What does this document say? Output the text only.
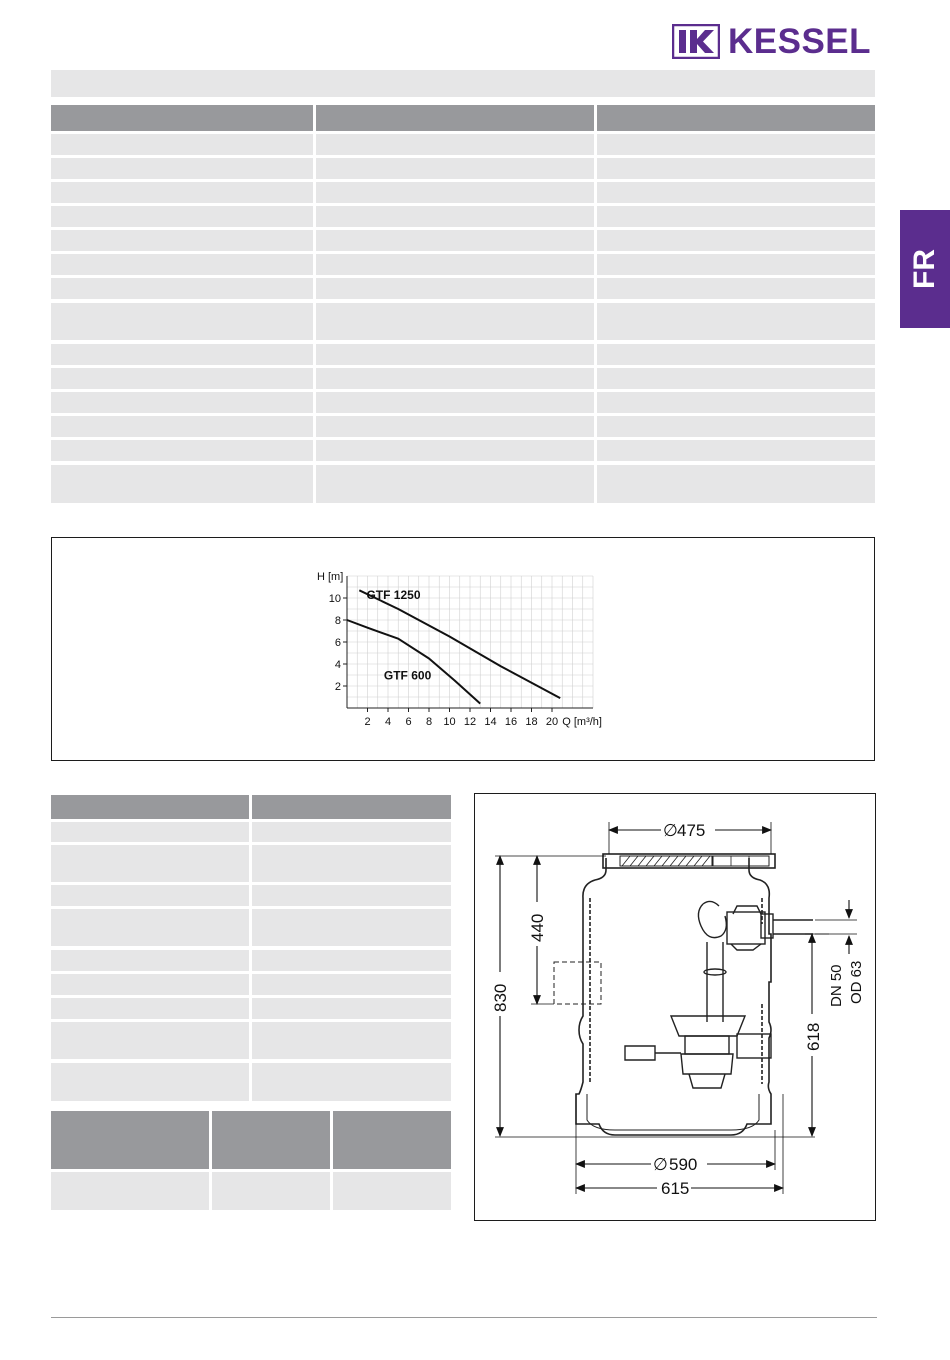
KESSEL
FR
2 4 6 8 10 12 14 16 18 20
2
4
6
8
10
H [m]
Q [m³/h]
GTF 1250
GTF 600
∅ 475
830
440
618
DN 50 OD 63
∅ 590
615
